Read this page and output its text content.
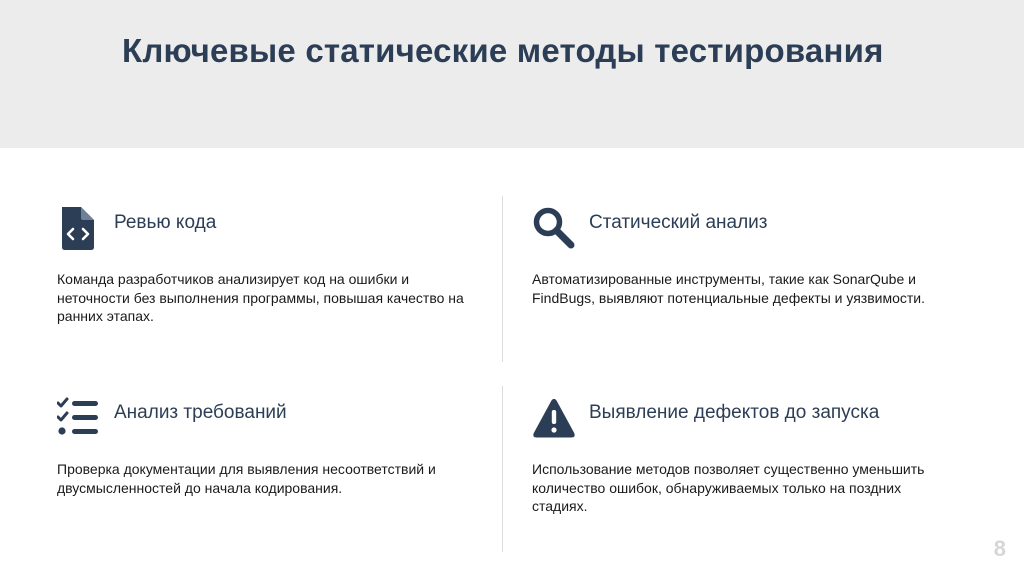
Ключевые статические методы тестирования
Ревью кода
Команда разработчиков анализирует код на ошибки и неточности без выполнения программы, повышая качество на ранних этапах.
Статический анализ
Автоматизированные инструменты, такие как SonarQube и FindBugs, выявляют потенциальные дефекты и уязвимости.
Анализ требований
Проверка документации для выявления несоответствий и двусмысленностей до начала кодирования.
Выявление дефектов до запуска
Использование методов позволяет существенно уменьшить количество ошибок, обнаруживаемых только на поздних стадиях.
8
